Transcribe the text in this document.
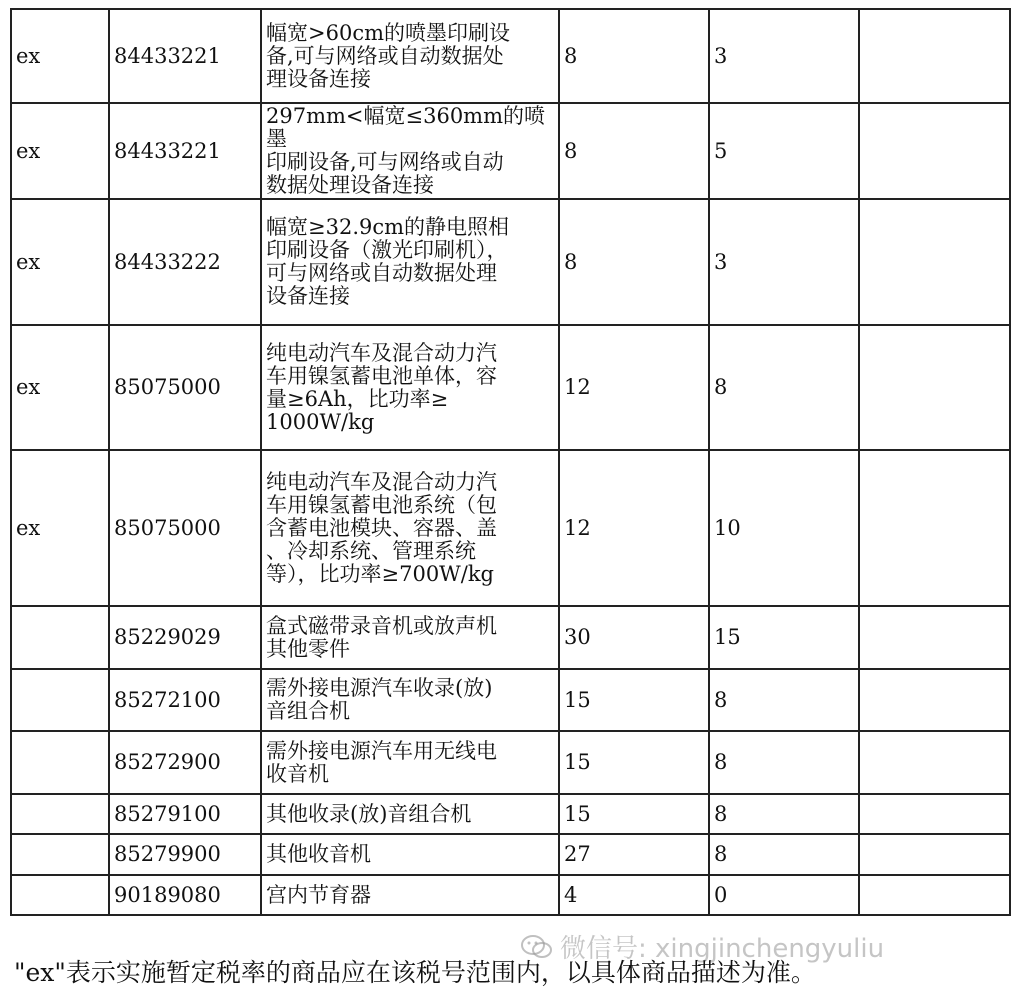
ex	84433221	幅宽>60cm的喷墨印刷设
备,可与网络或自动数据处
理设备连接	8	3	
ex	84433221	297mm<幅宽≤360mm的喷墨
印刷设备,可与网络或自动
数据处理设备连接	8	5	
ex	84433222	幅宽≥32.9cm的静电照相
印刷设备（激光印刷机），
可与网络或自动数据处理
设备连接	8	3	
ex	85075000	纯电动汽车及混合动力汽
车用镍氢蓄电池单体，容
量≥6Ah，比功率≥
1000W/kg	12	8	
ex	85075000	纯电动汽车及混合动力汽
车用镍氢蓄电池系统（包
含蓄电池模块、容器、盖
、冷却系统、管理系统
等），比功率≥700W/kg	12	10	
	85229029	盒式磁带录音机或放声机
其他零件	30	15	
	85272100	需外接电源汽车收录(放)
音组合机	15	8	
	85272900	需外接电源汽车用无线电
收音机	15	8	
	85279100	其他收录(放)音组合机	15	8	
	85279900	其他收音机	27	8	
	90189080	宫内节育器	4	0	
微信号: xingjinchengyuliu
"ex"表示实施暂定税率的商品应在该税号范围内，以具体商品描述为准。
